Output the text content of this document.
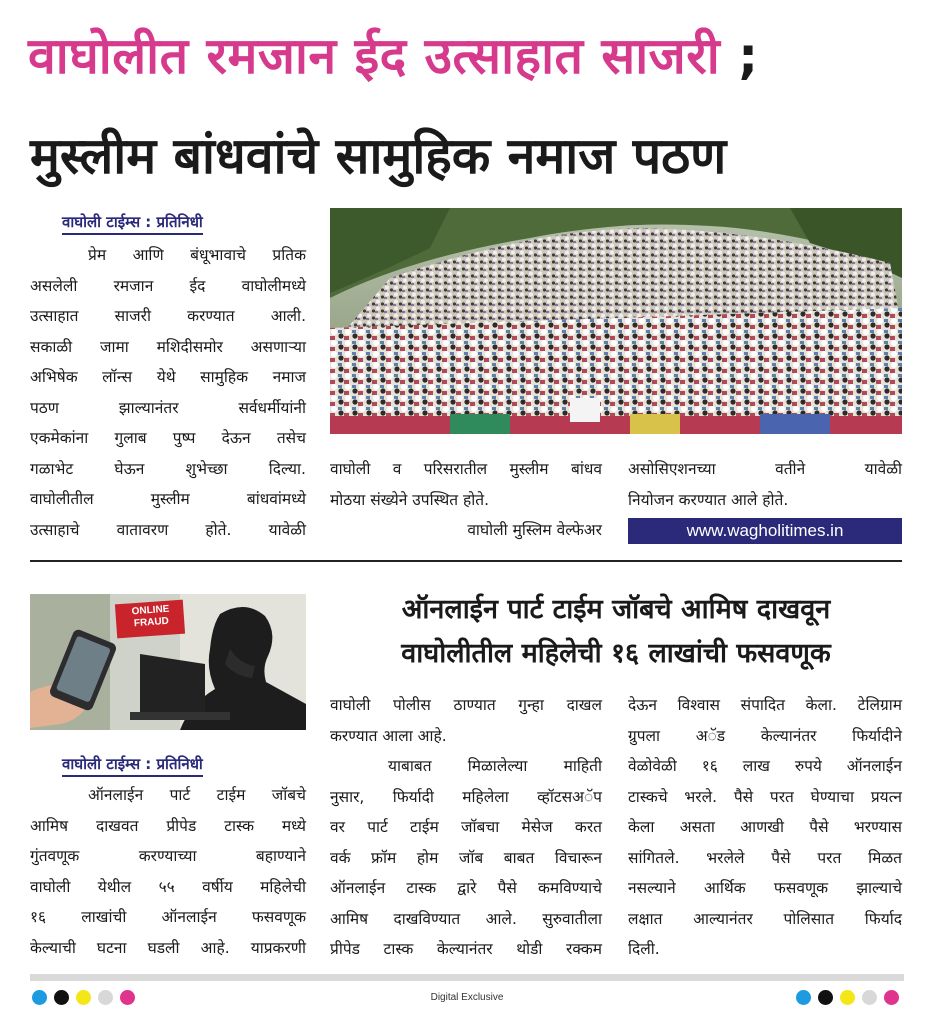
वाघोलीत रमजान ईद उत्साहात साजरी ;
मुस्लीम बांधवांचे सामुहिक नमाज पठण
वाघोली टाईम्स : प्रतिनिधी
प्रेम आणि बंधूभावाचे प्रतिक
असलेली रमजान ईद वाघोलीमध्ये
उत्साहात साजरी करण्यात आली.
सकाळी जामा मशिदीसमोर असणाऱ्या
अभिषेक लॉन्स येथे सामुहिक नमाज
पठण झाल्यानंतर सर्वधर्मीयांनी
एकमेकांना गुलाब पुष्प देऊन तसेच
गळाभेट घेऊन शुभेच्छा दिल्या.
वाघोलीतील मुस्लीम बांधवांमध्ये
उत्साहाचे वातावरण होते. यावेळी
वाघोली व परिसरातील मुस्लीम बांधव
मोठया संख्येने उपस्थित होते.
वाघोली मुस्लिम वेल्फेअर
असोसिएशनच्या वतीने यावेळी
नियोजन करण्यात आले होते.
www.wagholitimes.in
ONLINE FRAUD	ऑनलाईन पार्ट टाईम जॉबचे आमिष दाखवून
वाघोलीतील महिलेची १६ लाखांची फसवणूक
वाघोली टाईम्स : प्रतिनिधी
ऑनलाईन पार्ट टाईम जॉबचे
आमिष दाखवत प्रीपेड टास्क मध्ये
गुंतवणूक करण्याच्या बहाण्याने
वाघोली येथील ५५ वर्षीय महिलेची
१६ लाखांची ऑनलाईन फसवणूक
केल्याची घटना घडली आहे. याप्रकरणी
वाघोली पोलीस ठाण्यात गुन्हा दाखल
करण्यात आला आहे.
याबाबत मिळालेल्या माहिती
नुसार, फिर्यादी महिलेला व्हॉटसअॅप
वर पार्ट टाईम जॉबचा मेसेज करत
वर्क फ्रॉम होम जॉब बाबत विचारून
ऑनलाईन टास्क द्वारे पैसे कमविण्याचे
आमिष दाखविण्यात आले. सुरुवातीला
प्रीपेड टास्क केल्यानंतर थोडी रक्कम
देऊन विश्वास संपादित केला. टेलिग्राम
ग्रुपला अॅड केल्यानंतर फिर्यादीने
वेळोवेळी १६ लाख रुपये ऑनलाईन
टास्कचे भरले. पैसे परत घेण्याचा प्रयत्न
केला असता आणखी पैसे भरण्यास
सांगितले. भरलेले पैसे परत मिळत
नसल्याने आर्थिक फसवणूक झाल्याचे
लक्षात आल्यानंतर पोलिसात फिर्याद
दिली.
Digital Exclusive
